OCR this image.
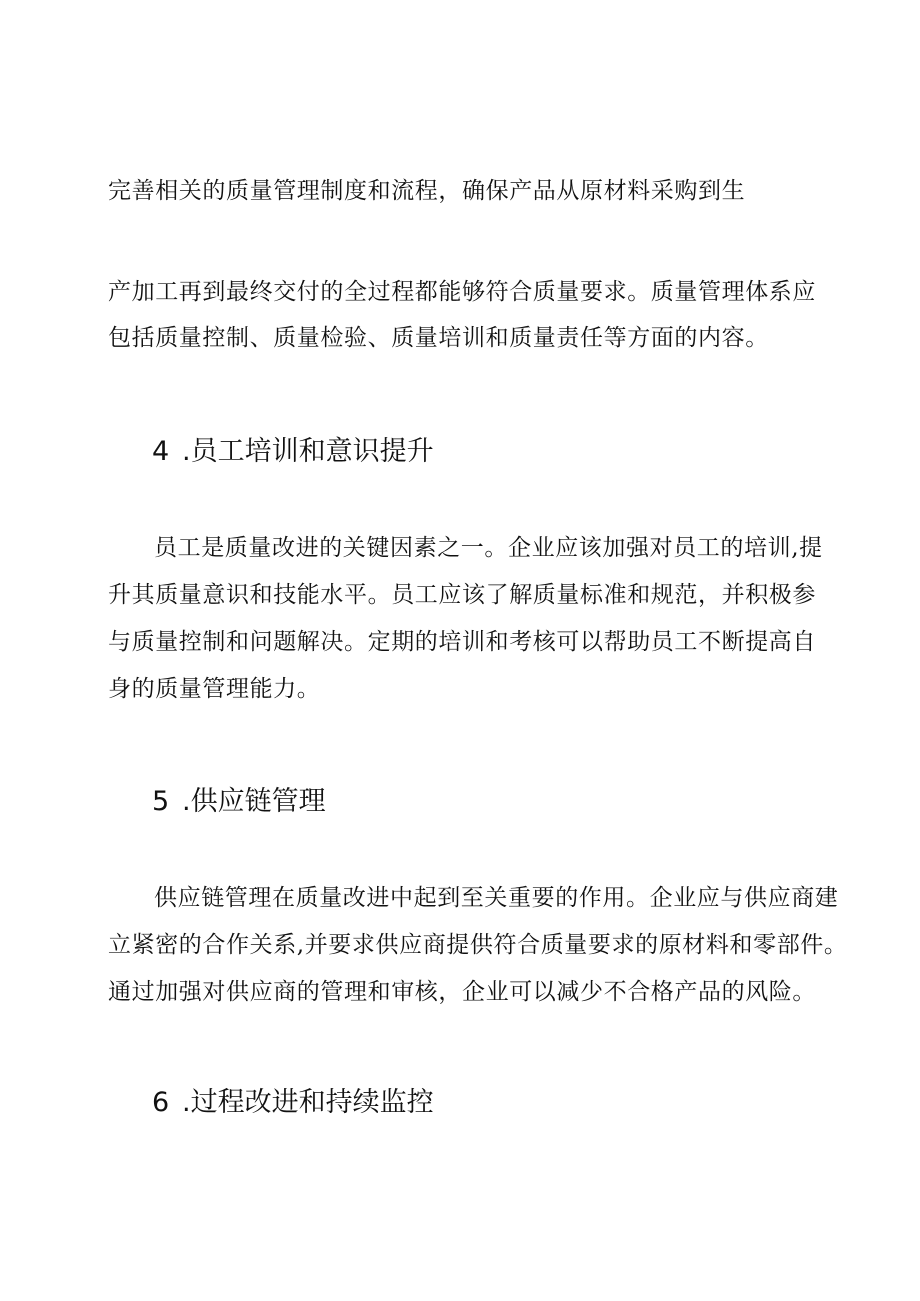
完善相关的质量管理制度和流程，确保产品从原材料采购到生
产加工再到最终交付的全过程都能够符合质量要求。质量管理体系应
包括质量控制、质量检验、质量培训和质量责任等方面的内容。
4 .员工培训和意识提升
员工是质量改进的关键因素之一。企业应该加强对员工的培训,提
升其质量意识和技能水平。员工应该了解质量标准和规范，并积极参
与质量控制和问题解决。定期的培训和考核可以帮助员工不断提高自
身的质量管理能力。
5 .供应链管理
供应链管理在质量改进中起到至关重要的作用。企业应与供应商建
立紧密的合作关系,并要求供应商提供符合质量要求的原材料和零部件。
通过加强对供应商的管理和审核，企业可以减少不合格产品的风险。
6 .过程改进和持续监控
